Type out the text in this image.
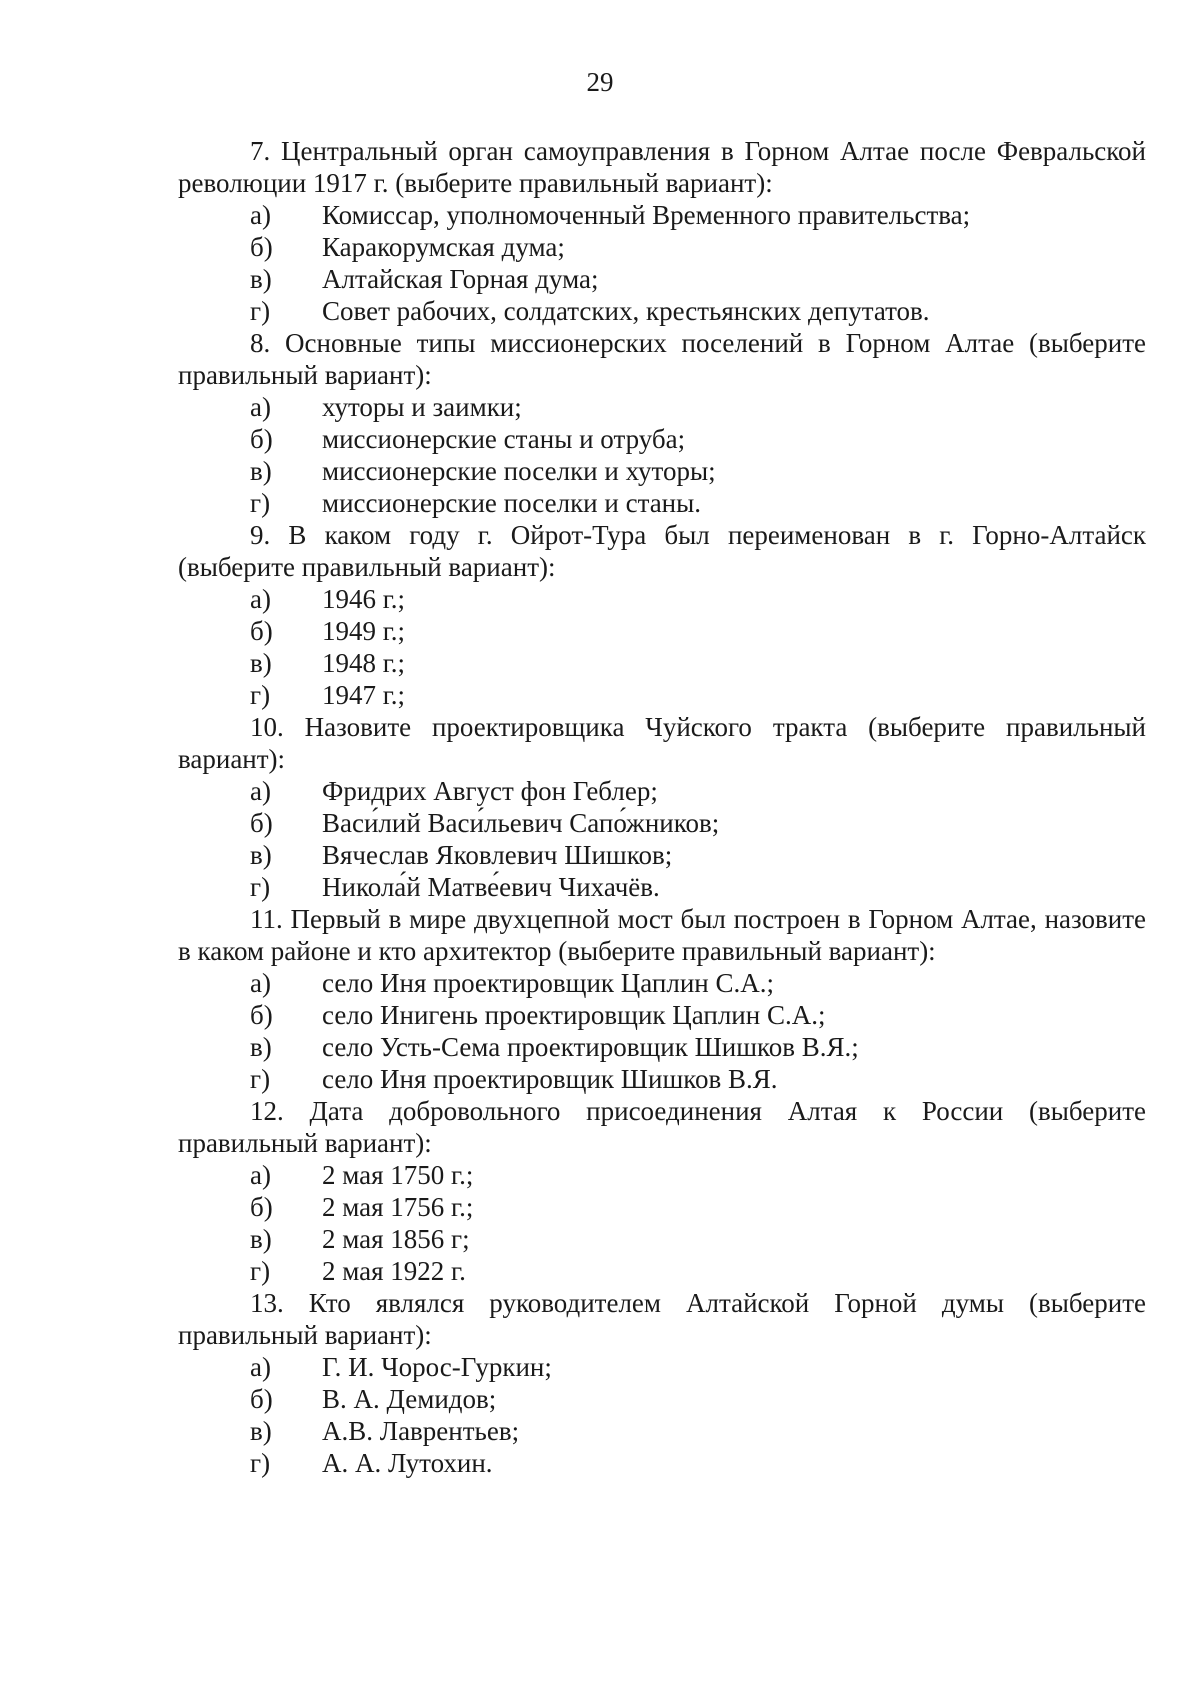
29

7. Центральный орган самоуправления в Горном Алтае после Февральской революции 1917 г. (выберите правильный вариант):

а)	Комиссар, уполномоченный Временного правительства;
б)	Каракорумская дума;
в)	Алтайская Горная дума;
г)	Совет рабочих, солдатских, крестьянских депутатов.

8. Основные типы миссионерских поселений в Горном Алтае (выберите правильный вариант):

а)	хуторы и заимки;
б)	миссионерские станы и отруба;
в)	миссионерские поселки и хуторы;
г)	миссионерские поселки и станы.

9. В каком году г. Ойрот-Тура был переименован в г. Горно-Алтайск (выберите правильный вариант):

а)	1946 г.;
б)	1949 г.;
в)	1948 г.;
г)	1947 г.;

10. Назовите проектировщика Чуйского тракта (выберите правильный вариант):

а)	Фридрих Август фон Геблер;
б)	Васи́лий Васи́льевич Сапо́жников;
в)	Вячеслав Яковлевич Шишков;
г)	Никола́й Матве́евич Чихачёв.

11. Первый в мире двухцепной мост был построен в Горном Алтае, назовите в каком районе и кто архитектор (выберите правильный вариант):

а)	село Иня проектировщик Цаплин С.А.;
б)	село Инигень проектировщик Цаплин С.А.;
в)	село Усть-Сема проектировщик Шишков В.Я.;
г)	село Иня проектировщик Шишков В.Я.

12. Дата добровольного присоединения Алтая к России (выберите правильный вариант):

а)	2 мая 1750 г.;
б)	2 мая 1756 г.;
в)	2 мая 1856 г;
г)	2 мая 1922 г.

13. Кто являлся руководителем Алтайской Горной думы (выберите правильный вариант):

а)	Г. И. Чорос-Гуркин;
б)	В. А. Демидов;
в)	А.В. Лаврентьев;
г)	А. А. Лутохин.
